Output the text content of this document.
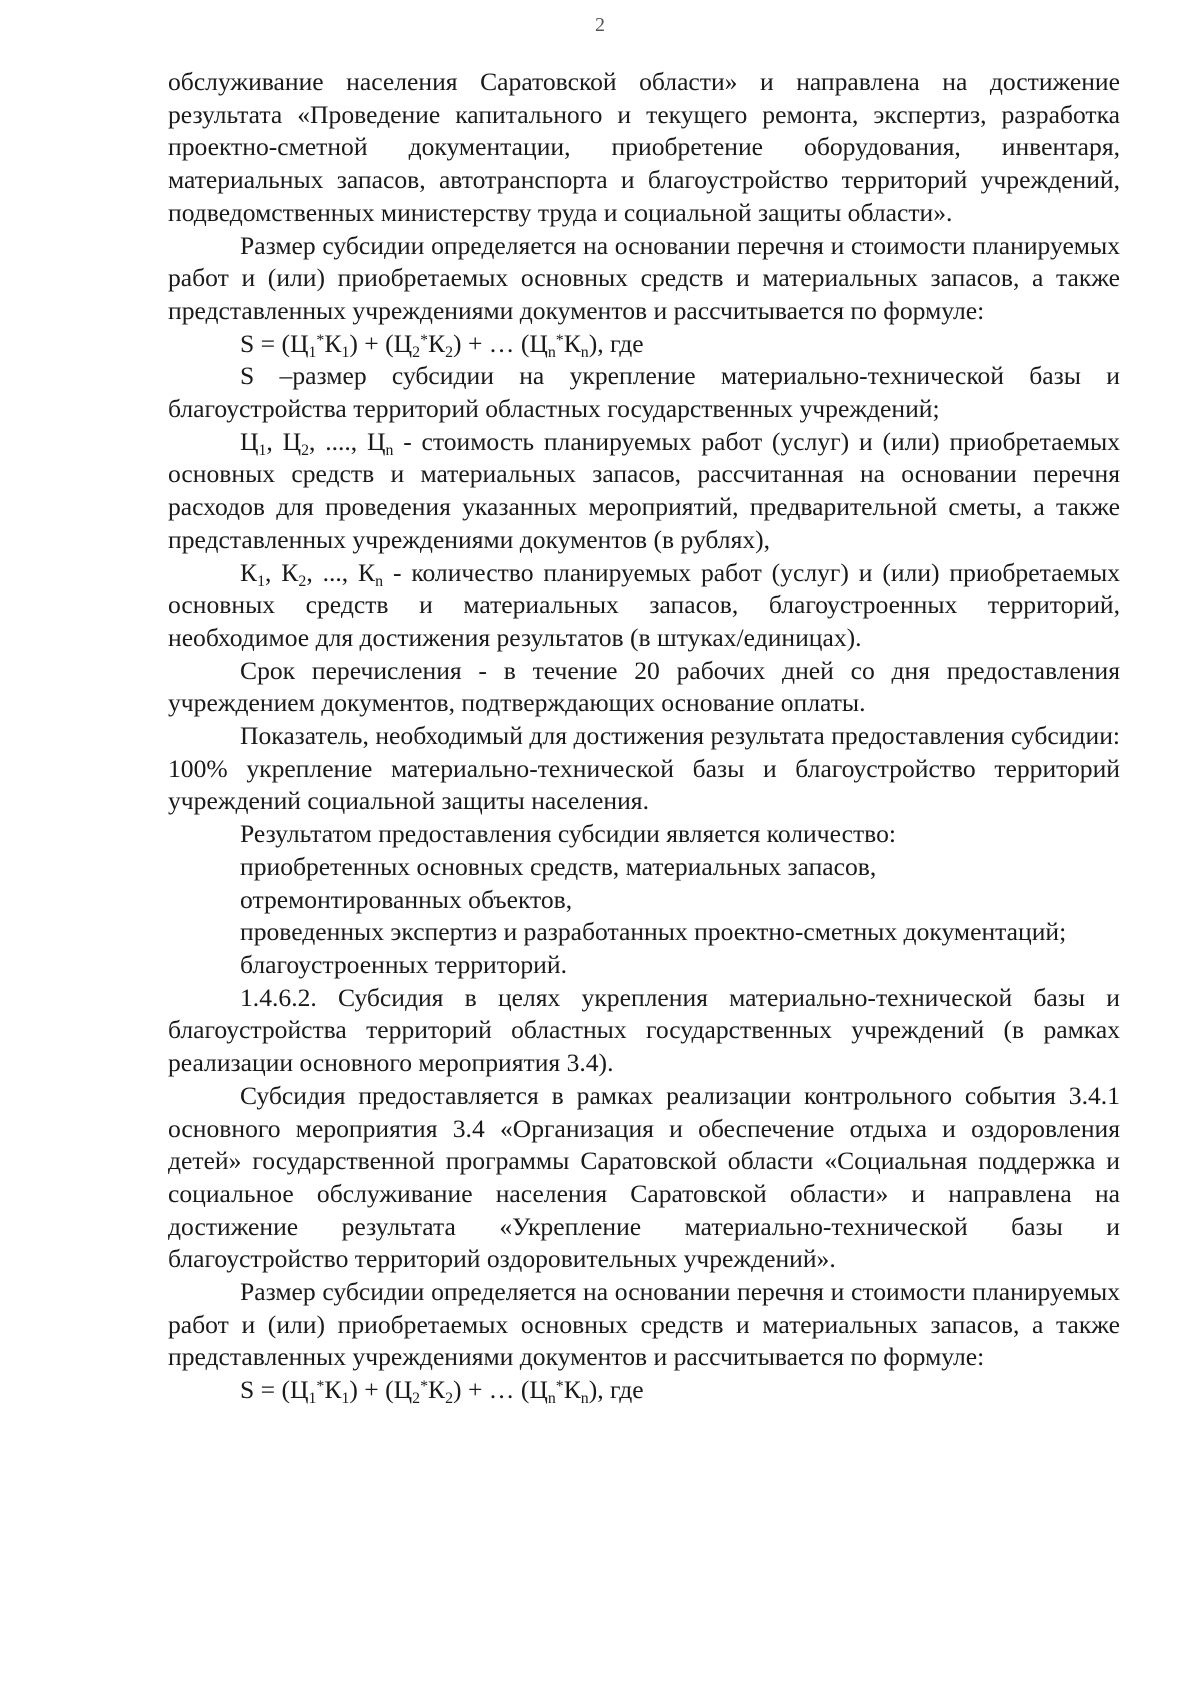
2

обслуживание населения Саратовской области» и направлена на достижение результата «Проведение капитального и текущего ремонта, экспертиз, разработка проектно-сметной документации, приобретение оборудования, инвентаря, материальных запасов, автотранспорта и благоустройство территорий учреждений, подведомственных министерству труда и социальной защиты области».

Размер субсидии определяется на основании перечня и стоимости планируемых работ и (или) приобретаемых основных средств и материальных запасов, а также представленных учреждениями документов и рассчитывается по формуле:

$S = (Ц_1^*К_1) + (Ц_2^*К_2)$ + … $(Ц_n^*К_n)$, где

S –размер субсидии на укрепление материально-технической базы и благоустройства территорий областных государственных учреждений;

$Ц_1$, $Ц_2$, ...., $Ц_n$ - стоимость планируемых работ (услуг) и (или) приобретаемых основных средств и материальных запасов, рассчитанная на основании перечня расходов для проведения указанных мероприятий, предварительной сметы, а также представленных учреждениями документов (в рублях),

$К_1$, $К_2$, ..., $К_n$ - количество планируемых работ (услуг) и (или) приобретаемых основных средств и материальных запасов, благоустроенных территорий, необходимое для достижения результатов (в штуках/единицах).

Срок перечисления - в течение 20 рабочих дней со дня предоставления учреждением документов, подтверждающих основание оплаты.

Показатель, необходимый для достижения результата предоставления субсидии: 100% укрепление материально-технической базы и благоустройство территорий учреждений социальной защиты населения.

Результатом предоставления субсидии является количество:

приобретенных основных средств, материальных запасов,

отремонтированных объектов,

проведенных экспертиз и разработанных проектно-сметных документаций;

благоустроенных территорий.

1.4.6.2. Субсидия в целях укрепления материально-технической базы и благоустройства территорий областных государственных учреждений (в рамках реализации основного мероприятия 3.4).

Субсидия предоставляется в рамках реализации контрольного события 3.4.1 основного мероприятия 3.4 «Организация и обеспечение отдыха и оздоровления детей» государственной программы Саратовской области «Социальная поддержка и социальное обслуживание населения Саратовской области» и направлена на достижение результата «Укрепление материально-технической базы и благоустройство территорий оздоровительных учреждений».

Размер субсидии определяется на основании перечня и стоимости планируемых работ и (или) приобретаемых основных средств и материальных запасов, а также представленных учреждениями документов и рассчитывается по формуле:

$S = (Ц_1^*К_1) + (Ц_2^*К_2)$ + … $(Ц_n^*К_n)$, где
